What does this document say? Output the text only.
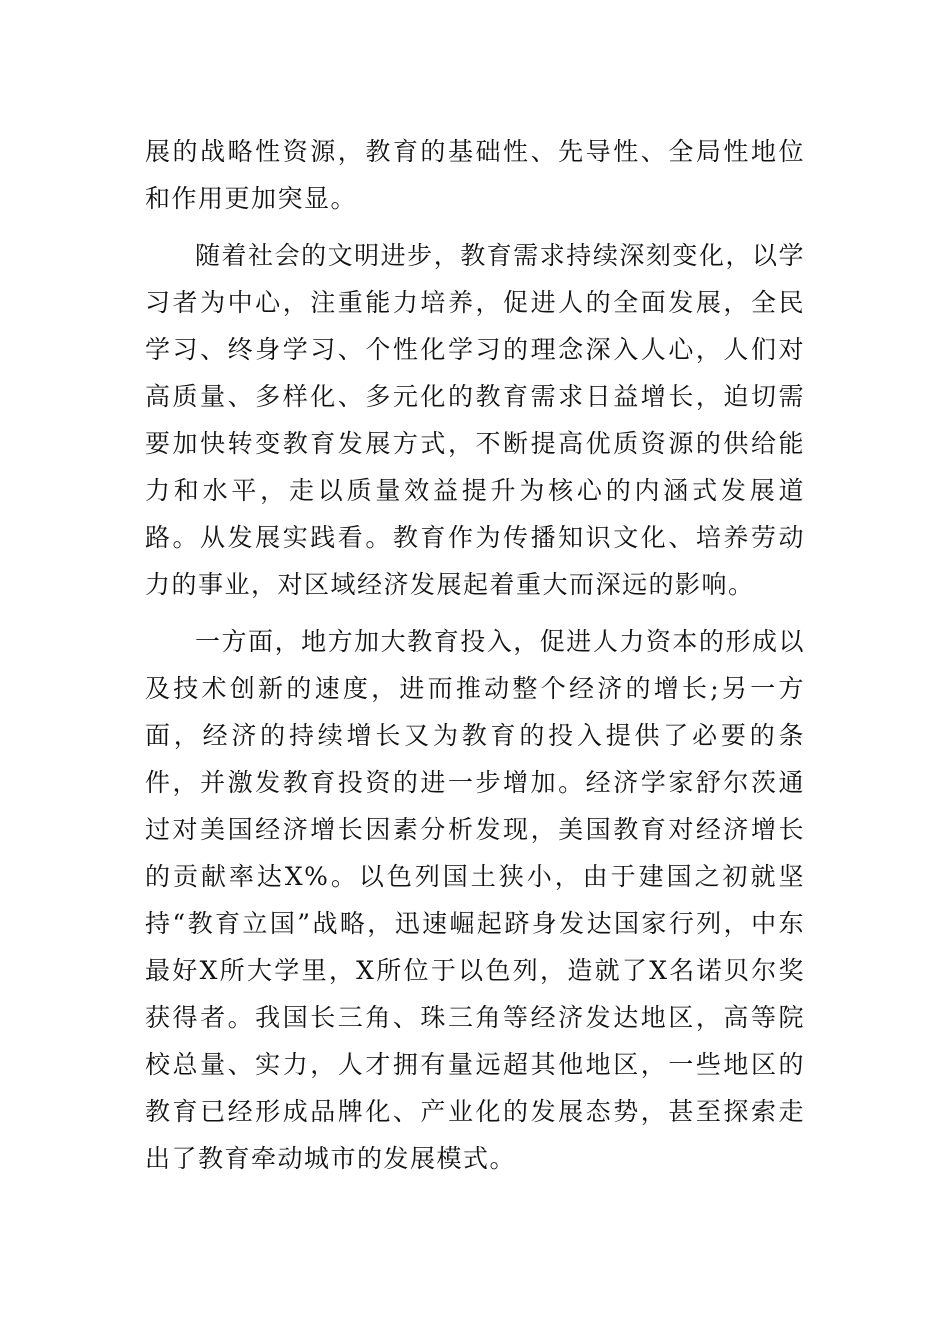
展的战略性资源，教育的基础性、先导性、全局性地位和作用更加突显。

随着社会的文明进步，教育需求持续深刻变化，以学习者为中心，注重能力培养，促进人的全面发展，全民学习、终身学习、个性化学习的理念深入人心，人们对高质量、多样化、多元化的教育需求日益增长，迫切需要加快转变教育发展方式，不断提高优质资源的供给能力和水平，走以质量效益提升为核心的内涵式发展道路。从发展实践看。教育作为传播知识文化、培养劳动力的事业，对区域经济发展起着重大而深远的影响。

一方面，地方加大教育投入，促进人力资本的形成以及技术创新的速度，进而推动整个经济的增长;另一方面，经济的持续增长又为教育的投入提供了必要的条件，并激发教育投资的进一步增加。经济学家舒尔茨通过对美国经济增长因素分析发现，美国教育对经济增长的贡献率达X%。以色列国土狭小，由于建国之初就坚持“教育立国”战略，迅速崛起跻身发达国家行列，中东最好X所大学里，X所位于以色列，造就了X名诺贝尔奖获得者。我国长三角、珠三角等经济发达地区，高等院校总量、实力，人才拥有量远超其他地区，一些地区的教育已经形成品牌化、产业化的发展态势，甚至探索走出了教育牵动城市的发展模式。
